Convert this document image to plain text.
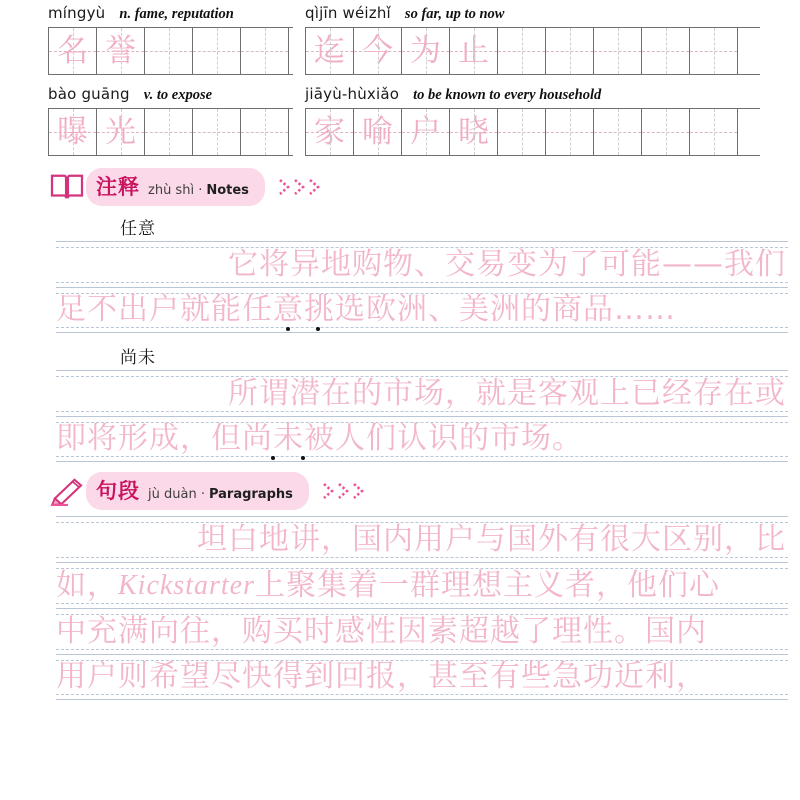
míngyù n. fame, reputation
名 誉
qìjīn wéizhǐ so far, up to now
迄 今 为 止
bào guāng v. to expose
曝 光
jiāyù-hùxiǎo to be known to every household
家 喻 户 晓
注释 zhù shì · Notes
任意
它将异地购物、交易变为了可能——我们
足不出户就能任意挑选欧洲、美洲的商品……
尚未
所谓潜在的市场，就是客观上已经存在或
即将形成，但尚未被人们认识的市场。
句段 jù duàn · Paragraphs
坦白地讲，国内用户与国外有很大区别，比
如， Kickstarter 上聚集着一群理想主义者，他们心
中充满向往，购买时感性因素超越了理性。国内
用户则希望尽快得到回报，甚至有些急功近利，
